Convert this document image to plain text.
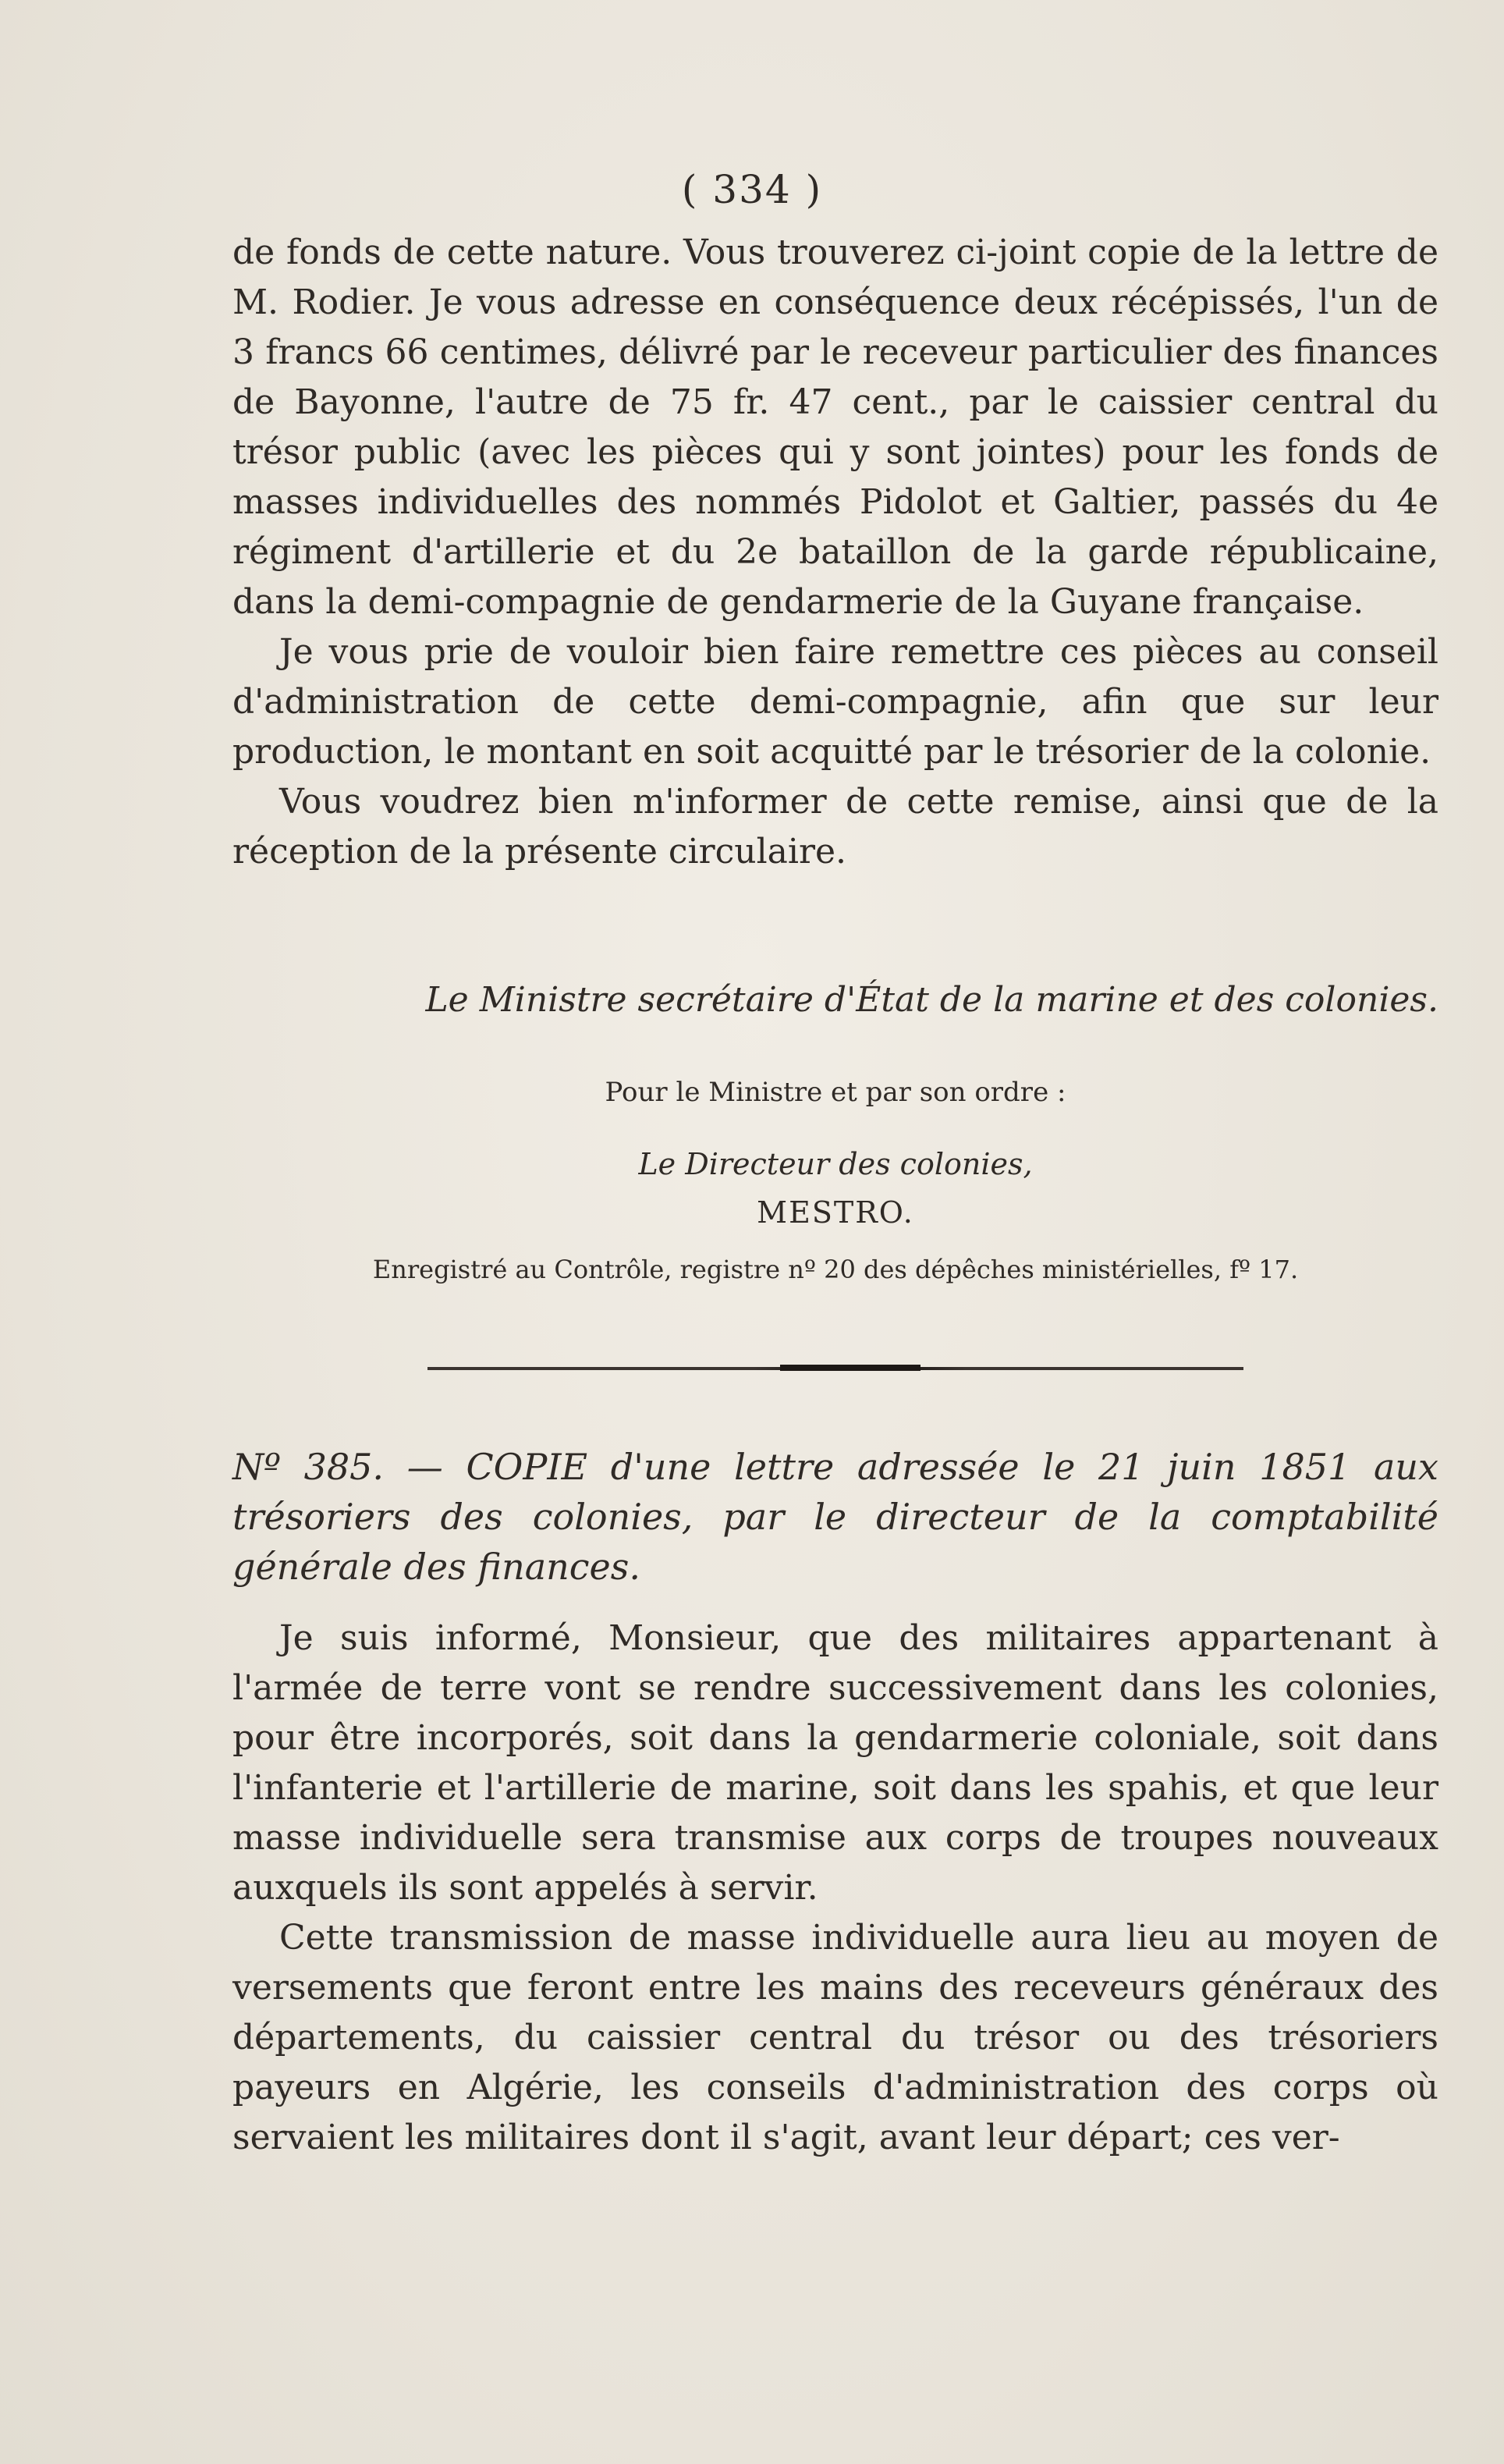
( 334 )

de fonds de cette nature. Vous trouverez ci-joint copie de la lettre de M. Rodier. Je vous adresse en conséquence deux récépissés, l'un de 3 francs 66 centimes, délivré par le receveur particulier des finances de Bayonne, l'autre de 75 fr. 47 cent., par le caissier central du trésor public (avec les pièces qui y sont jointes) pour les fonds de masses individuelles des nommés Pidolot et Galtier, passés du 4e régiment d'artillerie et du 2e bataillon de la garde républicaine, dans la demi-compagnie de gendarmerie de la Guyane française.

Je vous prie de vouloir bien faire remettre ces pièces au conseil d'administration de cette demi-compagnie, afin que sur leur production, le montant en soit acquitté par le trésorier de la colonie.

Vous voudrez bien m'informer de cette remise, ainsi que de la réception de la présente circulaire.

Le Ministre secrétaire d'État de la marine et des colonies.
Pour le Ministre et par son ordre :
Le Directeur des colonies,
MESTRO.
Enregistré au Contrôle, registre nº 20 des dépêches ministérielles, fº 17.
Nº 385. — COPIE d'une lettre adressée le 21 juin 1851 aux trésoriers des colonies, par le directeur de la comptabilité générale des finances.

Je suis informé, Monsieur, que des militaires appartenant à l'armée de terre vont se rendre successivement dans les colonies, pour être incorporés, soit dans la gendarmerie coloniale, soit dans l'infanterie et l'artillerie de marine, soit dans les spahis, et que leur masse individuelle sera transmise aux corps de troupes nouveaux auxquels ils sont appelés à servir.

Cette transmission de masse individuelle aura lieu au moyen de versements que feront entre les mains des receveurs généraux des départements, du caissier central du trésor ou des trésoriers payeurs en Algérie, les conseils d'administration des corps où servaient les militaires dont il s'agit, avant leur départ; ces ver-
